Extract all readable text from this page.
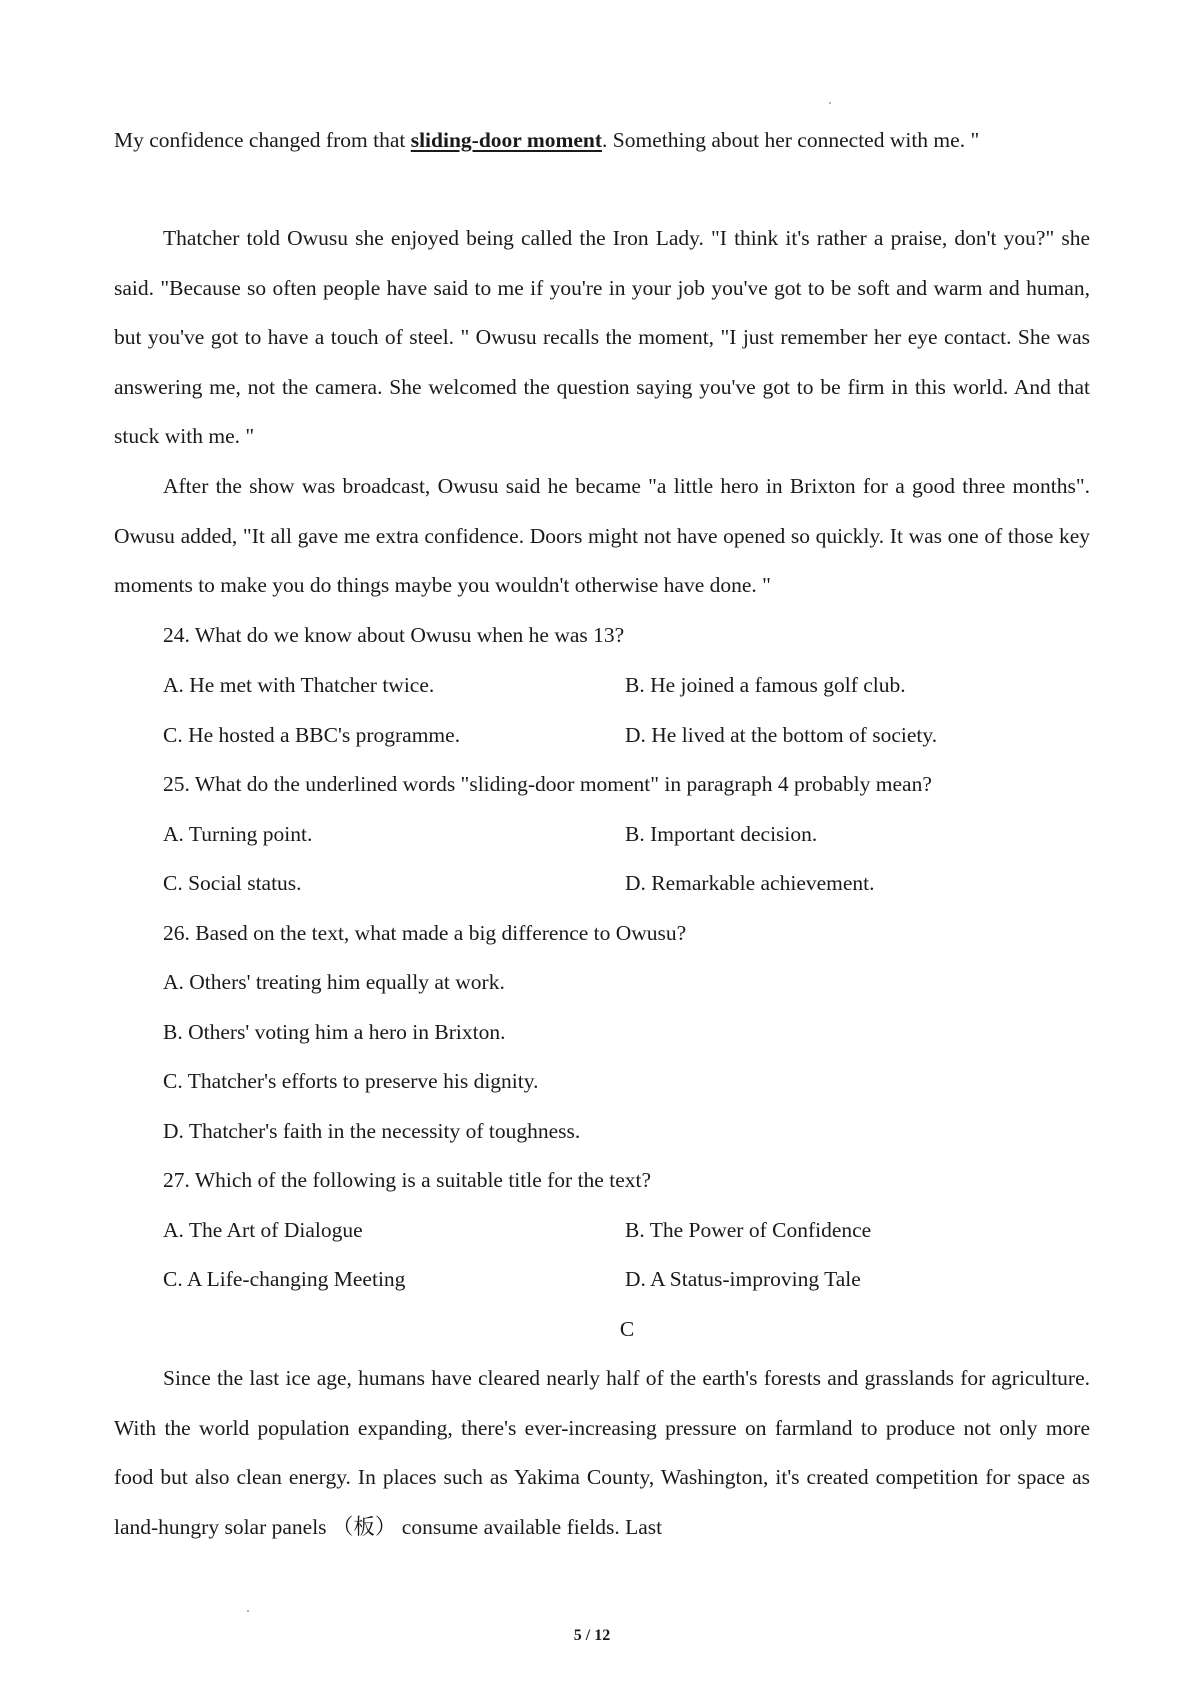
My confidence changed from that sliding-door moment. Something about her connected with me. "

Thatcher told Owusu she enjoyed being called the Iron Lady. "I think it's rather a praise, don't you?" she said. "Because so often people have said to me if you're in your job you've got to be soft and warm and human, but you've got to have a touch of steel. " Owusu recalls the moment, "I just remember her eye contact. She was answering me, not the camera. She welcomed the question saying you've got to be firm in this world. And that stuck with me. "

After the show was broadcast, Owusu said he became "a little hero in Brixton for a good three months". Owusu added, "It all gave me extra confidence. Doors might not have opened so quickly. It was one of those key moments to make you do things maybe you wouldn't otherwise have done. "

24. What do we know about Owusu when he was 13?

A. He met with Thatcher twice.	B. He joined a famous golf club.

C. He hosted a BBC's programme.	D. He lived at the bottom of society.

25. What do the underlined words "sliding-door moment" in paragraph 4 probably mean?

A. Turning point.	B. Important decision.

C. Social status.	D. Remarkable achievement.

26. Based on the text, what made a big difference to Owusu?

A. Others' treating him equally at work.

B. Others' voting him a hero in Brixton.

C. Thatcher's efforts to preserve his dignity.

D. Thatcher's faith in the necessity of toughness.

27. Which of the following is a suitable title for the text?

A. The Art of Dialogue	B. The Power of Confidence

C. A Life-changing Meeting	D. A Status-improving Tale

C

Since the last ice age, humans have cleared nearly half of the earth's forests and grasslands for agriculture. With the world population expanding, there's ever-increasing pressure on farmland to produce not only more food but also clean energy. In places such as Yakima County, Washington, it's created competition for space as land-hungry solar panels （板） consume available fields. Last

5 / 12
